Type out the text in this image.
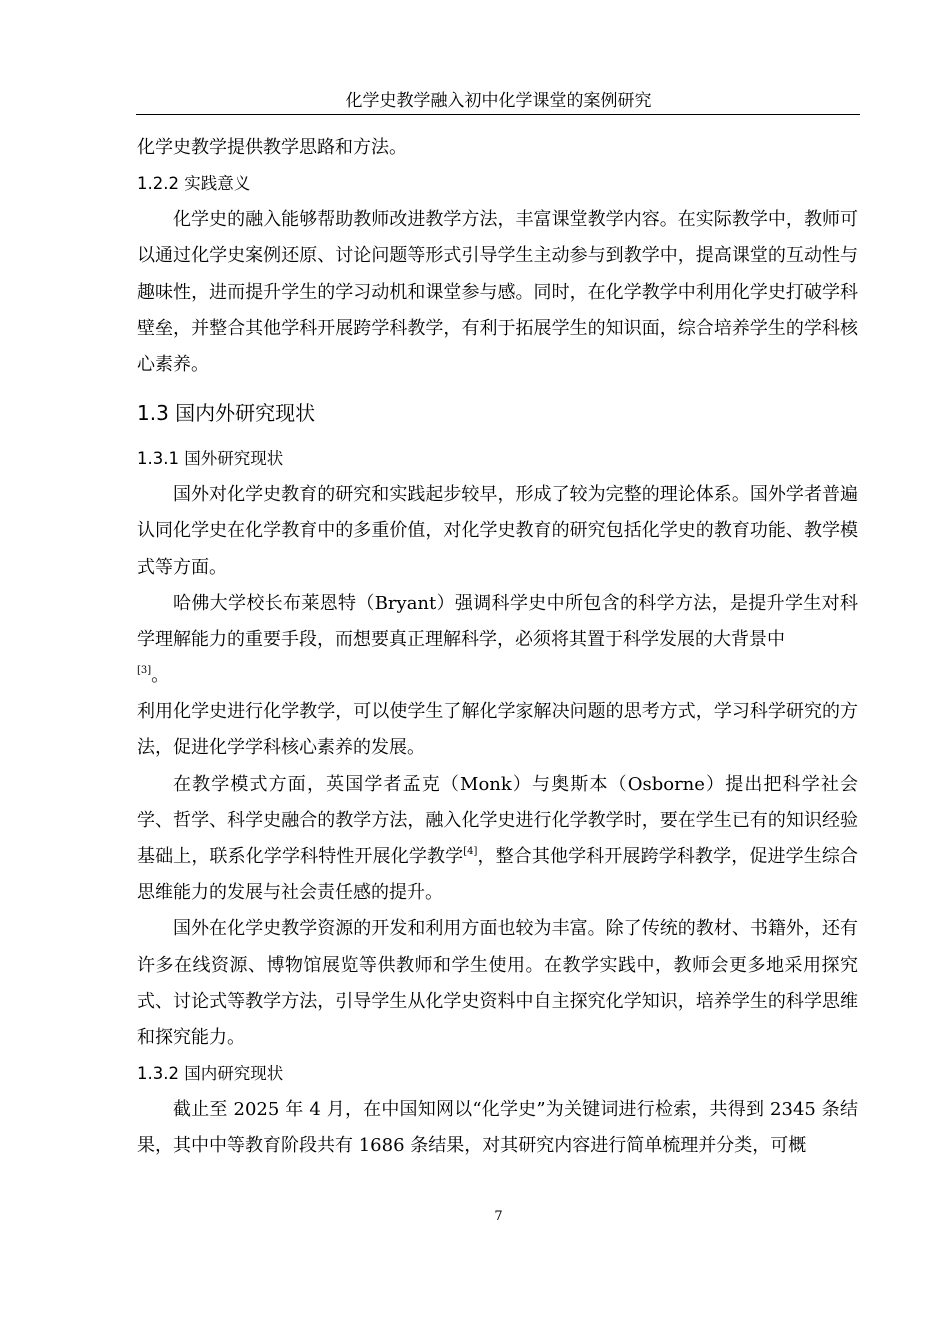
化学史教学融入初中化学课堂的案例研究

化学史教学提供教学思路和方法。

1.2.2 实践意义

化学史的融入能够帮助教师改进教学方法，丰富课堂教学内容。在实际教学中，教师可以通过化学史案例还原、讨论问题等形式引导学生主动参与到教学中，提高课堂的互动性与趣味性，进而提升学生的学习动机和课堂参与感。同时，在化学教学中利用化学史打破学科壁垒，并整合其他学科开展跨学科教学，有利于拓展学生的知识面，综合培养学生的学科核心素养。

1.3 国内外研究现状
1.3.1 国外研究现状

国外对化学史教育的研究和实践起步较早，形成了较为完整的理论体系。国外学者普遍认同化学史在化学教育中的多重价值，对化学史教育的研究包括化学史的教育功能、教学模式等方面。

哈佛大学校长布莱恩特（Bryant）强调科学史中所包含的科学方法，是提升学生对科学理解能力的重要手段，而想要真正理解科学，必须将其置于科学发展的大背景中

[3]。

利用化学史进行化学教学，可以使学生了解化学家解决问题的思考方式，学习科学研究的方法，促进化学学科核心素养的发展。

在教学模式方面，英国学者孟克（Monk）与奥斯本（Osborne）提出把科学社会学、哲学、科学史融合的教学方法，融入化学史进行化学教学时，要在学生已有的知识经验基础上，联系化学学科特性开展化学教学[4]，整合其他学科开展跨学科教学，促进学生综合思维能力的发展与社会责任感的提升。

国外在化学史教学资源的开发和利用方面也较为丰富。除了传统的教材、书籍外，还有许多在线资源、博物馆展览等供教师和学生使用。在教学实践中，教师会更多地采用探究式、讨论式等教学方法，引导学生从化学史资料中自主探究化学知识，培养学生的科学思维和探究能力。

1.3.2 国内研究现状

截止至 2025 年 4 月，在中国知网以“化学史”为关键词进行检索，共得到 2345 条结果，其中中等教育阶段共有 1686 条结果，对其研究内容进行简单梳理并分类，可概

7
